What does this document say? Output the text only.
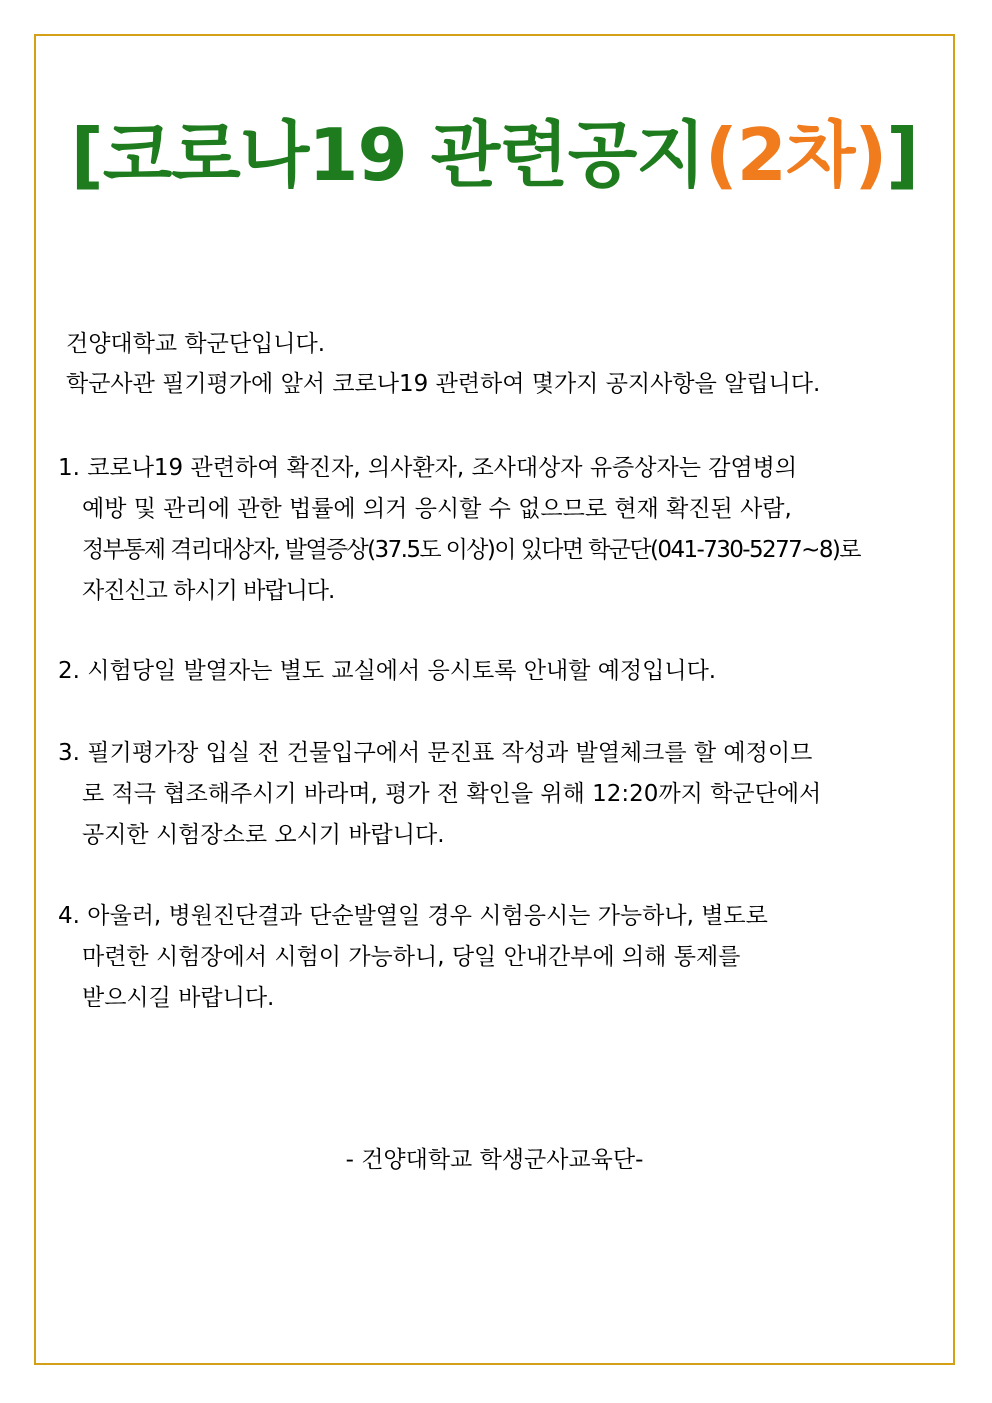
[코로나19 관련공지(2차)]
건양대학교 학군단입니다.
학군사관 필기평가에 앞서 코로나19 관련하여 몇가지 공지사항을 알립니다.
1. 코로나19 관련하여 확진자, 의사환자, 조사대상자 유증상자는 감염병의
예방 및 관리에 관한 법률에 의거 응시할 수 없으므로 현재 확진된 사람,
정부통제 격리대상자, 발열증상(37.5도 이상)이 있다면 학군단(041-730-5277~8)로
자진신고 하시기 바랍니다.
2. 시험당일 발열자는 별도 교실에서 응시토록 안내할 예정입니다.
3. 필기평가장 입실 전 건물입구에서 문진표 작성과 발열체크를 할 예정이므
로 적극 협조해주시기 바라며, 평가 전 확인을 위해 12:20까지 학군단에서
공지한 시험장소로 오시기 바랍니다.
4. 아울러, 병원진단결과 단순발열일 경우 시험응시는 가능하나, 별도로
마련한 시험장에서 시험이 가능하니, 당일 안내간부에 의해 통제를
받으시길 바랍니다.
- 건양대학교 학생군사교육단-
